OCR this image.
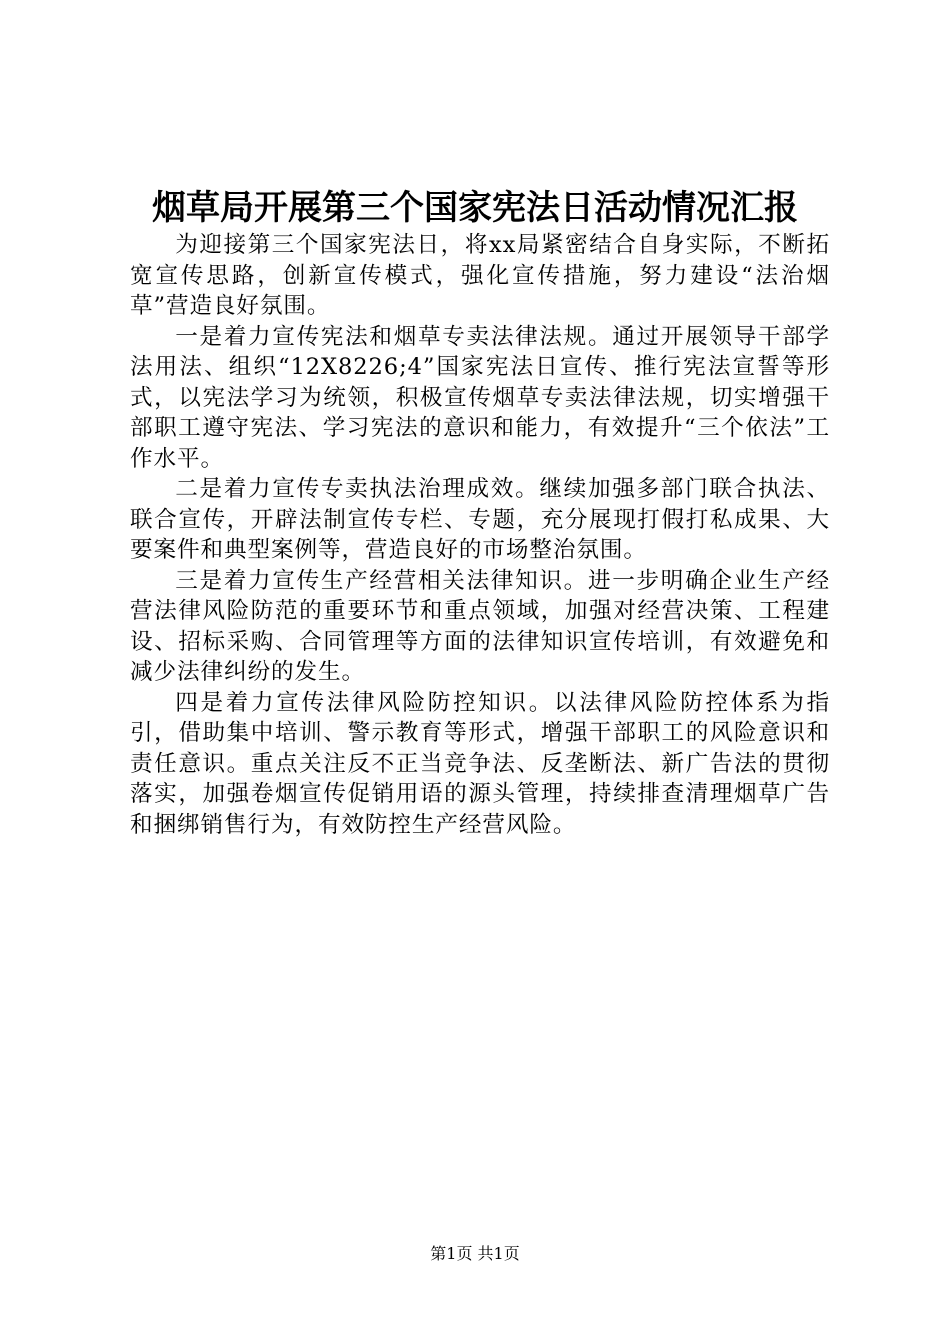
烟草局开展第三个国家宪法日活动情况汇报

为迎接第三个国家宪法日，将xx局紧密结合自身实际，不断拓宽宣传思路，创新宣传模式，强化宣传措施，努力建设“法治烟草”营造良好氛围。

一是着力宣传宪法和烟草专卖法律法规。通过开展领导干部学法用法、组织“12X8226;4”国家宪法日宣传、推行宪法宣誓等形式，以宪法学习为统领，积极宣传烟草专卖法律法规，切实增强干部职工遵守宪法、学习宪法的意识和能力，有效提升“三个依法”工作水平。

二是着力宣传专卖执法治理成效。继续加强多部门联合执法、联合宣传，开辟法制宣传专栏、专题，充分展现打假打私成果、大要案件和典型案例等，营造良好的市场整治氛围。

三是着力宣传生产经营相关法律知识。进一步明确企业生产经营法律风险防范的重要环节和重点领域，加强对经营决策、工程建设、招标采购、合同管理等方面的法律知识宣传培训，有效避免和减少法律纠纷的发生。

四是着力宣传法律风险防控知识。以法律风险防控体系为指引，借助集中培训、警示教育等形式，增强干部职工的风险意识和责任意识。重点关注反不正当竞争法、反垄断法、新广告法的贯彻落实，加强卷烟宣传促销用语的源头管理，持续排查清理烟草广告和捆绑销售行为，有效防控生产经营风险。

第1页 共1页
